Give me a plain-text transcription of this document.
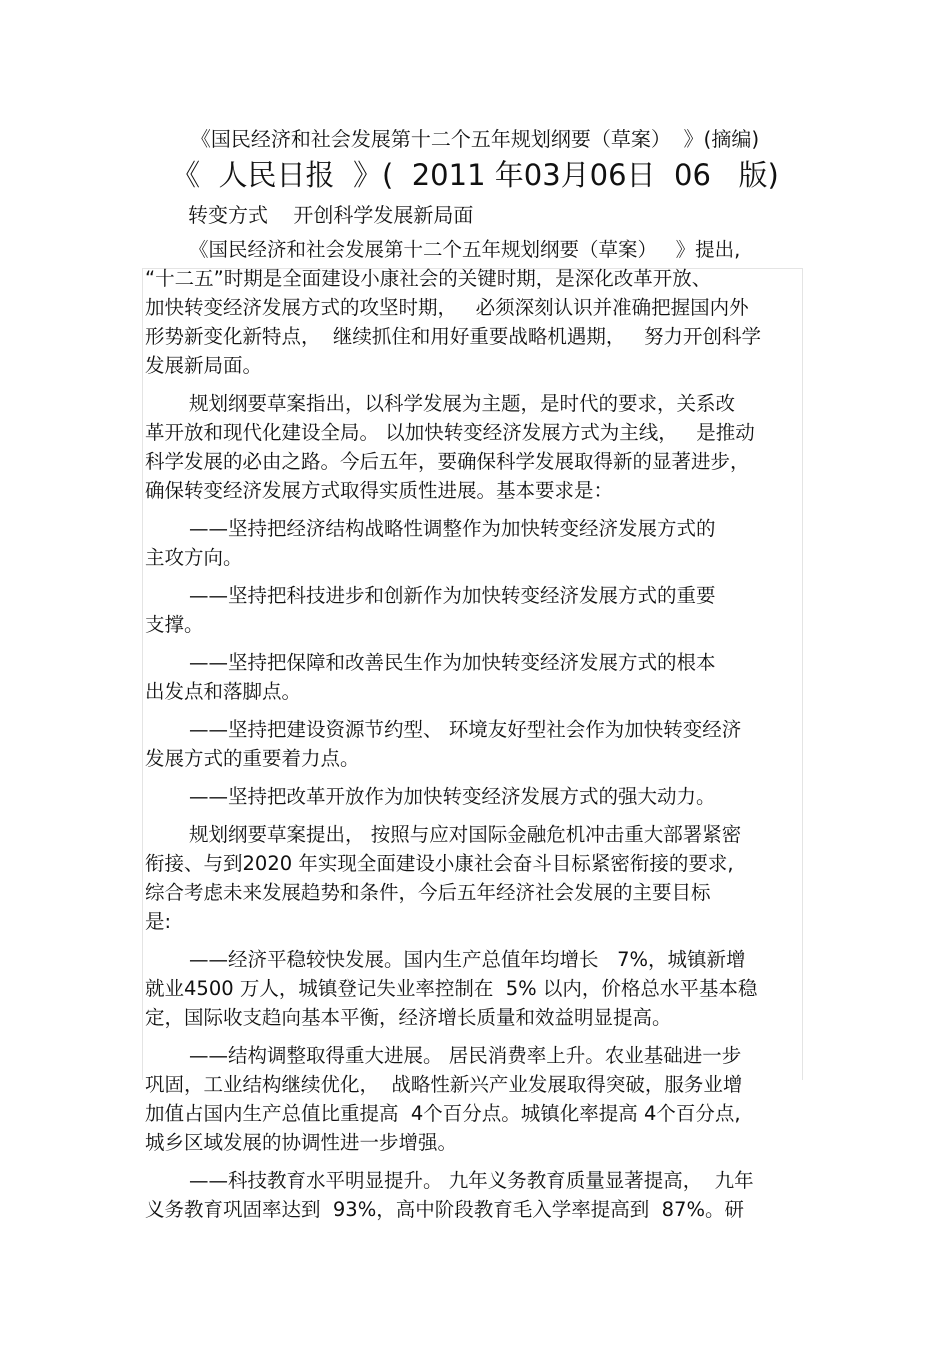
《国民经济和社会发展第十二个五年规划纲要（草案）  》(摘编)
《  人民日报  》(  2011 年03月06日  06   版)
转变方式    开创科学发展新局面
《国民经济和社会发展第十二个五年规划纲要（草案）   》提出,
“十二五”时期是全面建设小康社会的关键时期，是深化改革开放、
加快转变经济发展方式的攻坚时期，   必须深刻认识并准确把握国内外
形势新变化新特点，  继续抓住和用好重要战略机遇期，   努力开创科学
发展新局面。
规划纲要草案指出，以科学发展为主题，是时代的要求，关系改
革开放和现代化建设全局。 以加快转变经济发展方式为主线，   是推动
科学发展的必由之路。今后五年，要确保科学发展取得新的显著进步，
确保转变经济发展方式取得实质性进展。基本要求是：
——坚持把经济结构战略性调整作为加快转变经济发展方式的
主攻方向。
——坚持把科技进步和创新作为加快转变经济发展方式的重要
支撑。
——坚持把保障和改善民生作为加快转变经济发展方式的根本
出发点和落脚点。
——坚持把建设资源节约型、 环境友好型社会作为加快转变经济
发展方式的重要着力点。
——坚持把改革开放作为加快转变经济发展方式的强大动力。
规划纲要草案提出， 按照与应对国际金融危机冲击重大部署紧密
衔接、与到2020 年实现全面建设小康社会奋斗目标紧密衔接的要求,
综合考虑未来发展趋势和条件，今后五年经济社会发展的主要目标
是:
——经济平稳较快发展。国内生产总值年均增长   7%，城镇新增
就业4500 万人，城镇登记失业率控制在  5% 以内，价格总水平基本稳
定，国际收支趋向基本平衡，经济增长质量和效益明显提高。
——结构调整取得重大进展。 居民消费率上升。农业基础进一步
巩固，工业结构继续优化，  战略性新兴产业发展取得突破，服务业增
加值占国内生产总值比重提高  4个百分点。城镇化率提高 4个百分点,
城乡区域发展的协调性进一步增强。
——科技教育水平明显提升。 九年义务教育质量显著提高，  九年
义务教育巩固率达到  93%，高中阶段教育毛入学率提高到  87%。研
